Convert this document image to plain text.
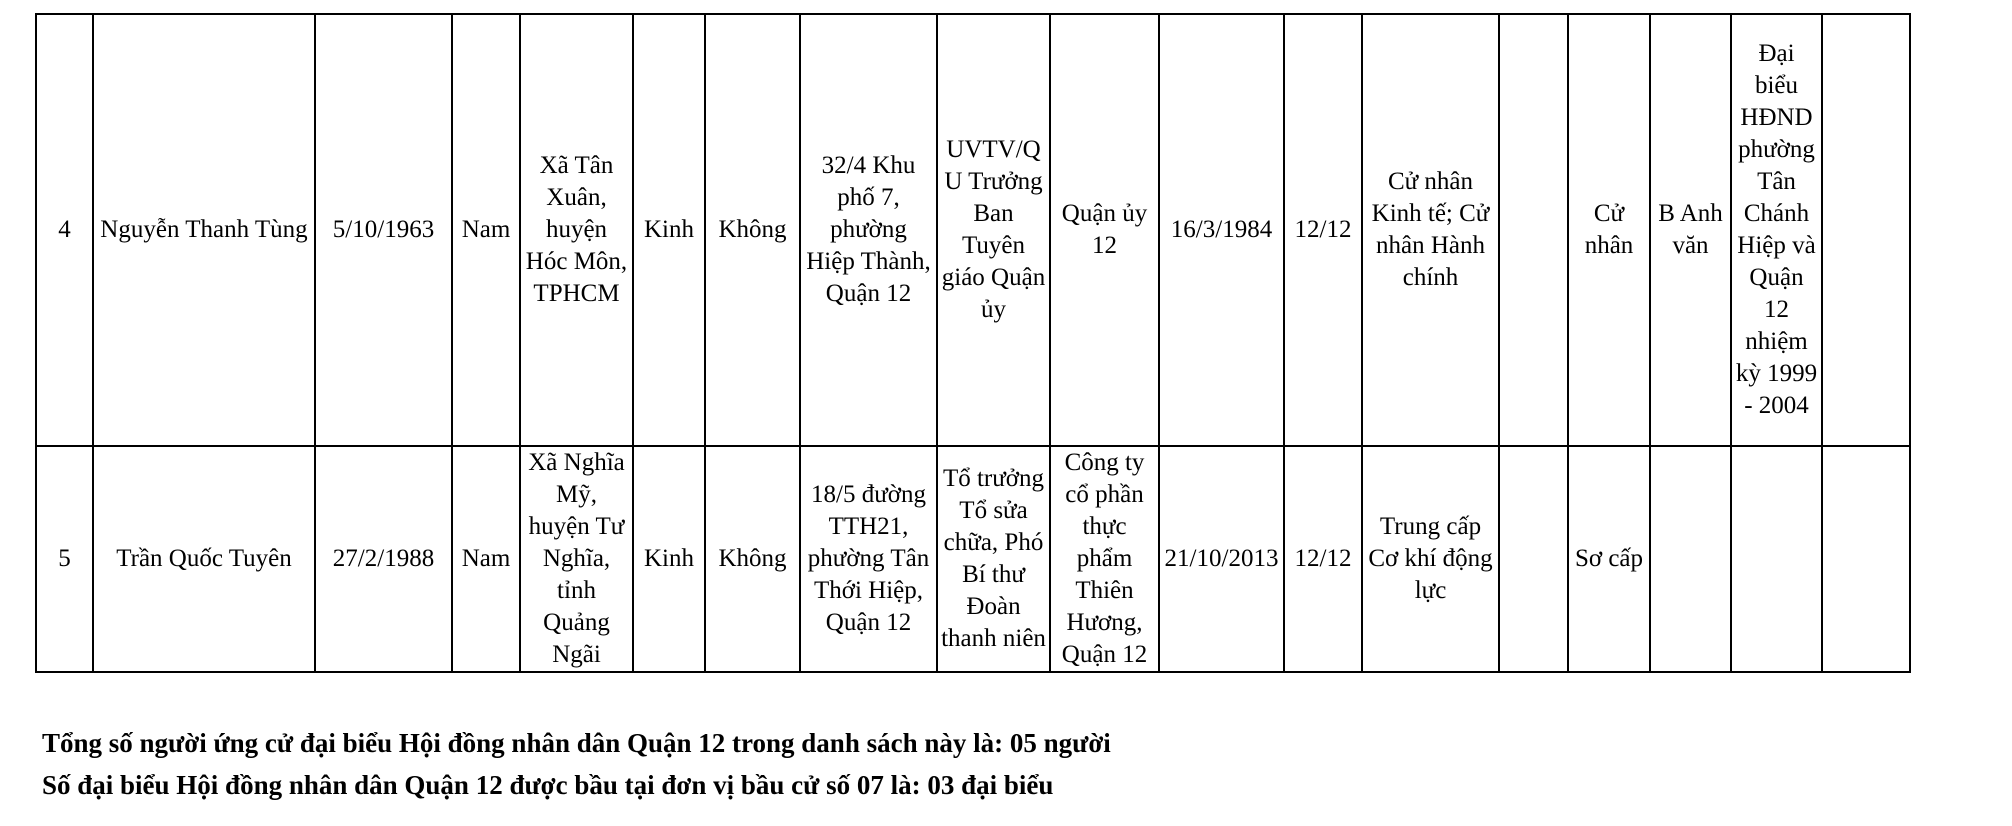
4	Nguyễn Thanh Tùng	5/10/1963	Nam	Xã Tân Xuân, huyện Hóc Môn, TPHCM	Kinh	Không	32/4 Khu phố 7, phường Hiệp Thành, Quận 12	UVTV/QU Trưởng Ban Tuyên giáo Quận ủy	Quận ủy 12	16/3/1984	12/12	Cử nhân Kinh tế; Cử nhân Hành chính		Cử nhân	B Anh văn	Đại biểu HĐND phường Tân Chánh Hiệp và Quận 12 nhiệm kỳ 1999 - 2004	
5	Trần Quốc Tuyên	27/2/1988	Nam	Xã Nghĩa Mỹ, huyện Tư Nghĩa, tỉnh Quảng Ngãi	Kinh	Không	18/5 đường TTH21, phường Tân Thới Hiệp, Quận 12	Tổ trưởng Tổ sửa chữa, Phó Bí thư Đoàn thanh niên	Công ty cổ phần thực phẩm Thiên Hương, Quận 12	21/10/2013	12/12	Trung cấp Cơ khí động lực		Sơ cấp			
Tổng số người ứng cử đại biểu Hội đồng nhân dân Quận 12 trong danh sách này là: 05 người
Số đại biểu Hội đồng nhân dân Quận 12 được bầu tại đơn vị bầu cử số 07 là: 03 đại biểu
